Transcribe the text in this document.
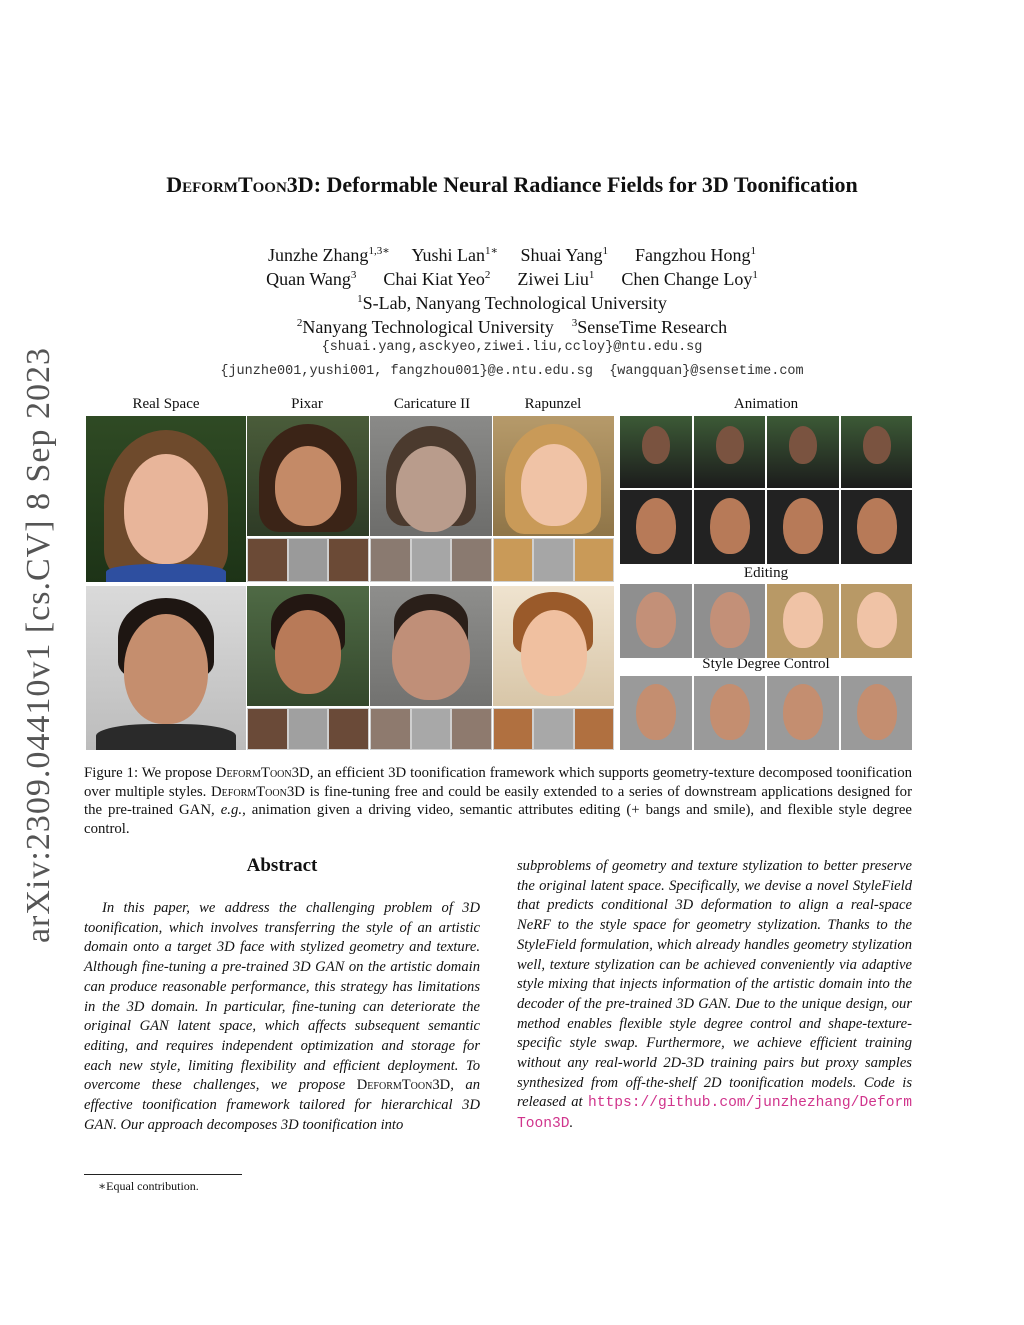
arXiv:2309.04410v1 [cs.CV] 8 Sep 2023
DeformToon3D: Deformable Neural Radiance Fields for 3D Toonification
Junzhe Zhang$^{1,3∗}$ Yushi Lan$^{1∗}$ Shuai Yang$^1$ Fangzhou Hong$^1$
Quan Wang$^3$ Chai Kiat Yeo$^2$ Ziwei Liu$^1$ Chen Change Loy$^1$
$^1$S-Lab, Nanyang Technological University
$^2$Nanyang Technological University $^3$SenseTime Research
{shuai.yang,asckyeo,ziwei.liu,ccloy}@ntu.edu.sg
{junzhe001,yushi001, fangzhou001}@e.ntu.edu.sg  {wangquan}@sensetime.com
Real Space	Pixar	Caricature II	Rapunzel	Animation
Editing
Style Degree Control
Figure 1: We propose DeformToon3D, an efficient 3D toonification framework which supports geometry-texture decomposed toonification over multiple styles. DeformToon3D is fine-tuning free and could be easily extended to a series of downstream applications designed for the pre-trained GAN, e.g., animation given a driving video, semantic attributes editing (+ bangs and smile), and flexible style degree control.
Abstract
In this paper, we address the challenging problem of 3D toonification, which involves transferring the style of an artistic domain onto a target 3D face with stylized geometry and texture. Although fine-tuning a pre-trained 3D GAN on the artistic domain can produce reasonable performance, this strategy has limitations in the 3D domain. In particular, fine-tuning can deteriorate the original GAN latent space, which affects subsequent semantic editing, and requires independent optimization and storage for each new style, limiting flexibility and efficient deployment. To overcome these challenges, we propose DeformToon3D, an effective toonification framework tailored for hierarchical 3D GAN. Our approach decomposes 3D toonification into
subproblems of geometry and texture stylization to better preserve the original latent space. Specifically, we devise a novel StyleField that predicts conditional 3D deformation to align a real-space NeRF to the style space for geometry stylization. Thanks to the StyleField formulation, which already handles geometry stylization well, texture stylization can be achieved conveniently via adaptive style mixing that injects information of the artistic domain into the decoder of the pre-trained 3D GAN. Due to the unique design, our method enables flexible style degree control and shape-texture-specific style swap. Furthermore, we achieve efficient training without any real-world 2D-3D training pairs but proxy samples synthesized from off-the-shelf 2D toonification models. Code is released at https://github.com/junzhezhang/DeformToon3D.
∗Equal contribution.
